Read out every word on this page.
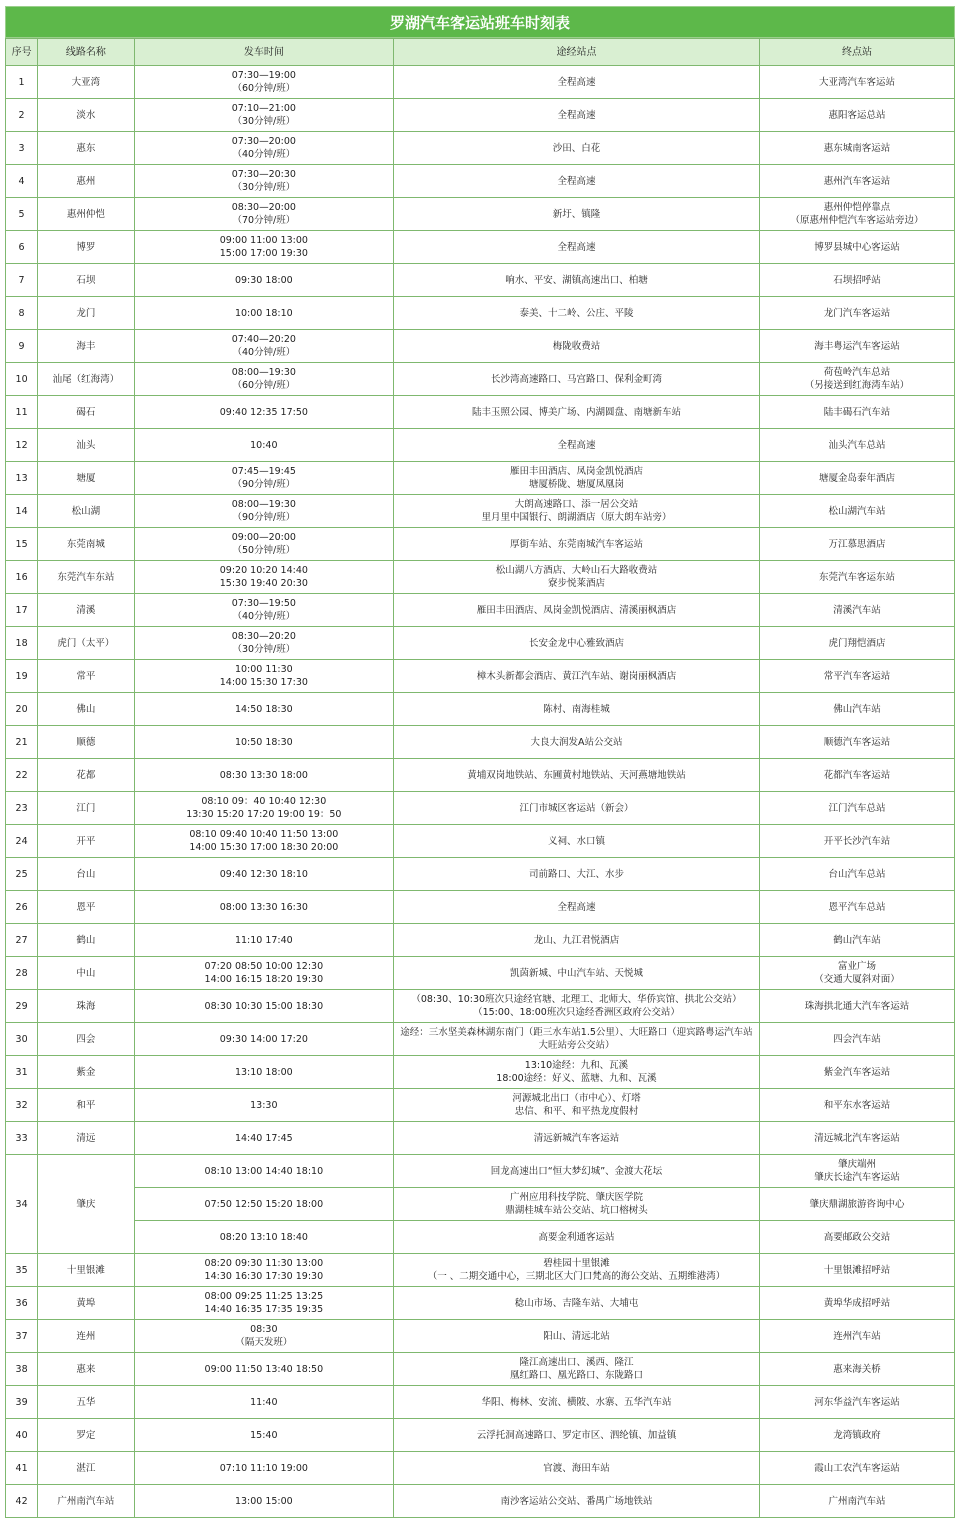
罗湖汽车客运站班车时刻表
序号	线路名称	发车时间	途经站点	终点站
1	大亚湾	07:30—19:00
（60分钟/班）	全程高速	大亚湾汽车客运站
2	淡水	07:10—21:00
（30分钟/班）	全程高速	惠阳客运总站
3	惠东	07:30—20:00
（40分钟/班）	沙田、白花	惠东城南客运站
4	惠州	07:30—20:30
（30分钟/班）	全程高速	惠州汽车客运站
5	惠州仲恺	08:30—20:00
（70分钟/班）	新圩、镇隆	惠州仲恺停靠点
（原惠州仲恺汽车客运站旁边）
6	博罗	09:00 11:00 13:00
15:00 17:00 19:30	全程高速	博罗县城中心客运站
7	石坝	09:30 18:00	响水、平安、湖镇高速出口、柏塘	石坝招呼站
8	龙门	10:00 18:10	泰美、十二岭、公庄、平陵	龙门汽车客运站
9	海丰	07:40—20:20
（40分钟/班）	梅陇收费站	海丰粤运汽车客运站
10	汕尾（红海湾）	08:00—19:30
（60分钟/班）	长沙湾高速路口、马宫路口、保利金町湾	荷苞岭汽车总站
（另接送到红海湾车站）
11	碣石	09:40 12:35 17:50	陆丰玉照公园、博美广场、内湖圆盘、南塘新车站	陆丰碣石汽车站
12	汕头	10:40	全程高速	汕头汽车总站
13	塘厦	07:45—19:45
（90分钟/班）	雁田丰田酒店、凤岗金凯悦酒店
塘厦桥陇、塘厦凤凰岗	塘厦金岛泰年酒店
14	松山湖	08:00—19:30
（90分钟/班）	大朗高速路口、添一居公交站
里月里中国银行、朗湖酒店（原大朗车站旁）	松山湖汽车站
15	东莞南城	09:00—20:00
（50分钟/班）	厚街车站、东莞南城汽车客运站	万江慕思酒店
16	东莞汽车东站	09:20 10:20 14:40
15:30 19:40 20:30	松山湖八方酒店、大岭山石大路收费站
寮步悦莱酒店	东莞汽车客运东站
17	清溪	07:30—19:50
（40分钟/班）	雁田丰田酒店、凤岗金凯悦酒店、清溪丽枫酒店	清溪汽车站
18	虎门（太平）	08:30—20:20
（30分钟/班）	长安金龙中心雅致酒店	虎门翔恺酒店
19	常平	10:00 11:30
14:00 15:30 17:30	樟木头新都会酒店、黄江汽车站、谢岗丽枫酒店	常平汽车客运站
20	佛山	14:50 18:30	陈村、南海桂城	佛山汽车站
21	顺德	10:50 18:30	大良大润发A站公交站	顺德汽车客运站
22	花都	08:30 13:30 18:00	黄埔双岗地铁站、东圃黄村地铁站、天河燕塘地铁站	花都汽车客运站
23	江门	08:10 09：40 10:40 12:30
13:30 15:20 17:20 19:00 19：50	江门市城区客运站（新会）	江门汽车总站
24	开平	08:10 09:40 10:40 11:50 13:00
14:00 15:30 17:00 18:30 20:00	义祠、水口镇	开平长沙汽车站
25	台山	09:40 12:30 18:10	司前路口、大江、水步	台山汽车总站
26	恩平	08:00 13:30 16:30	全程高速	恩平汽车总站
27	鹤山	11:10 17:40	龙山、九江君悦酒店	鹤山汽车站
28	中山	07:20 08:50 10:00 12:30
14:00 16:15 18:20 19:30	凯茵新城、中山汽车站、天悦城	富业广场
（交通大厦斜对面）
29	珠海	08:30 10:30 15:00 18:30	（08:30、10:30班次只途经官塘、北理工、北师大、华侨宾馆、拱北公交站）（15:00、18:00班次只途经香洲区政府公交站）	珠海拱北通大汽车客运站
30	四会	09:30 14:00 17:20	途经：三水坚美森林湖东南门（距三水车站1.5公里）、大旺路口（迎宾路粤运汽车站大旺站旁公交站）	四会汽车站
31	紫金	13:10 18:00	13:10途经：九和、瓦溪
18:00途经：好义、蓝塘、九和、瓦溪	紫金汽车客运站
32	和平	13:30	河源城北出口（市中心）、灯塔
忠信、和平、和平热龙度假村	和平东水客运站
33	清远	14:40 17:45	清远新城汽车客运站	清远城北汽车客运站
34	肇庆	08:10 13:00 14:40 18:10	回龙高速出口“恒大梦幻城”、金渡大花坛	肇庆端州
肇庆长途汽车客运站
		07:50 12:50 15:20 18:00	广州应用科技学院、肇庆医学院
鼎湖桂城车站公交站、坑口榕树头	肇庆鼎湖旅游咨询中心
		08:20 13:10 18:40	高要金利通客运站	高要邮政公交站
35	十里银滩	08:20 09:30 11:30 13:00
14:30 16:30 17:30 19:30	碧桂园十里银滩
（一 、二期交通中心，三期北区大门口梵高的海公交站、五期维港湾）	十里银滩招呼站
36	黄埠	08:00 09:25 11:25 13:25
14:40 16:35 17:35 19:35	稔山市场、吉隆车站、大埔屯	黄埠华成招呼站
37	连州	08:30
（隔天发班）	阳山、清远北站	连州汽车站
38	惠来	09:00 11:50 13:40 18:50	隆江高速出口、溪西、隆江
凰红路口、凰光路口、东陇路口	惠来海关桥
39	五华	11:40	华阳、梅林、安流、横陂、水寨、五华汽车站	河东华益汽车客运站
40	罗定	15:40	云浮托洞高速路口、罗定市区、泗纶镇、加益镇	龙湾镇政府
41	湛江	07:10 11:10 19:00	官渡、海田车站	霞山工农汽车客运站
42	广州南汽车站	13:00 15:00	南沙客运站公交站、番禺广场地铁站	广州南汽车站
